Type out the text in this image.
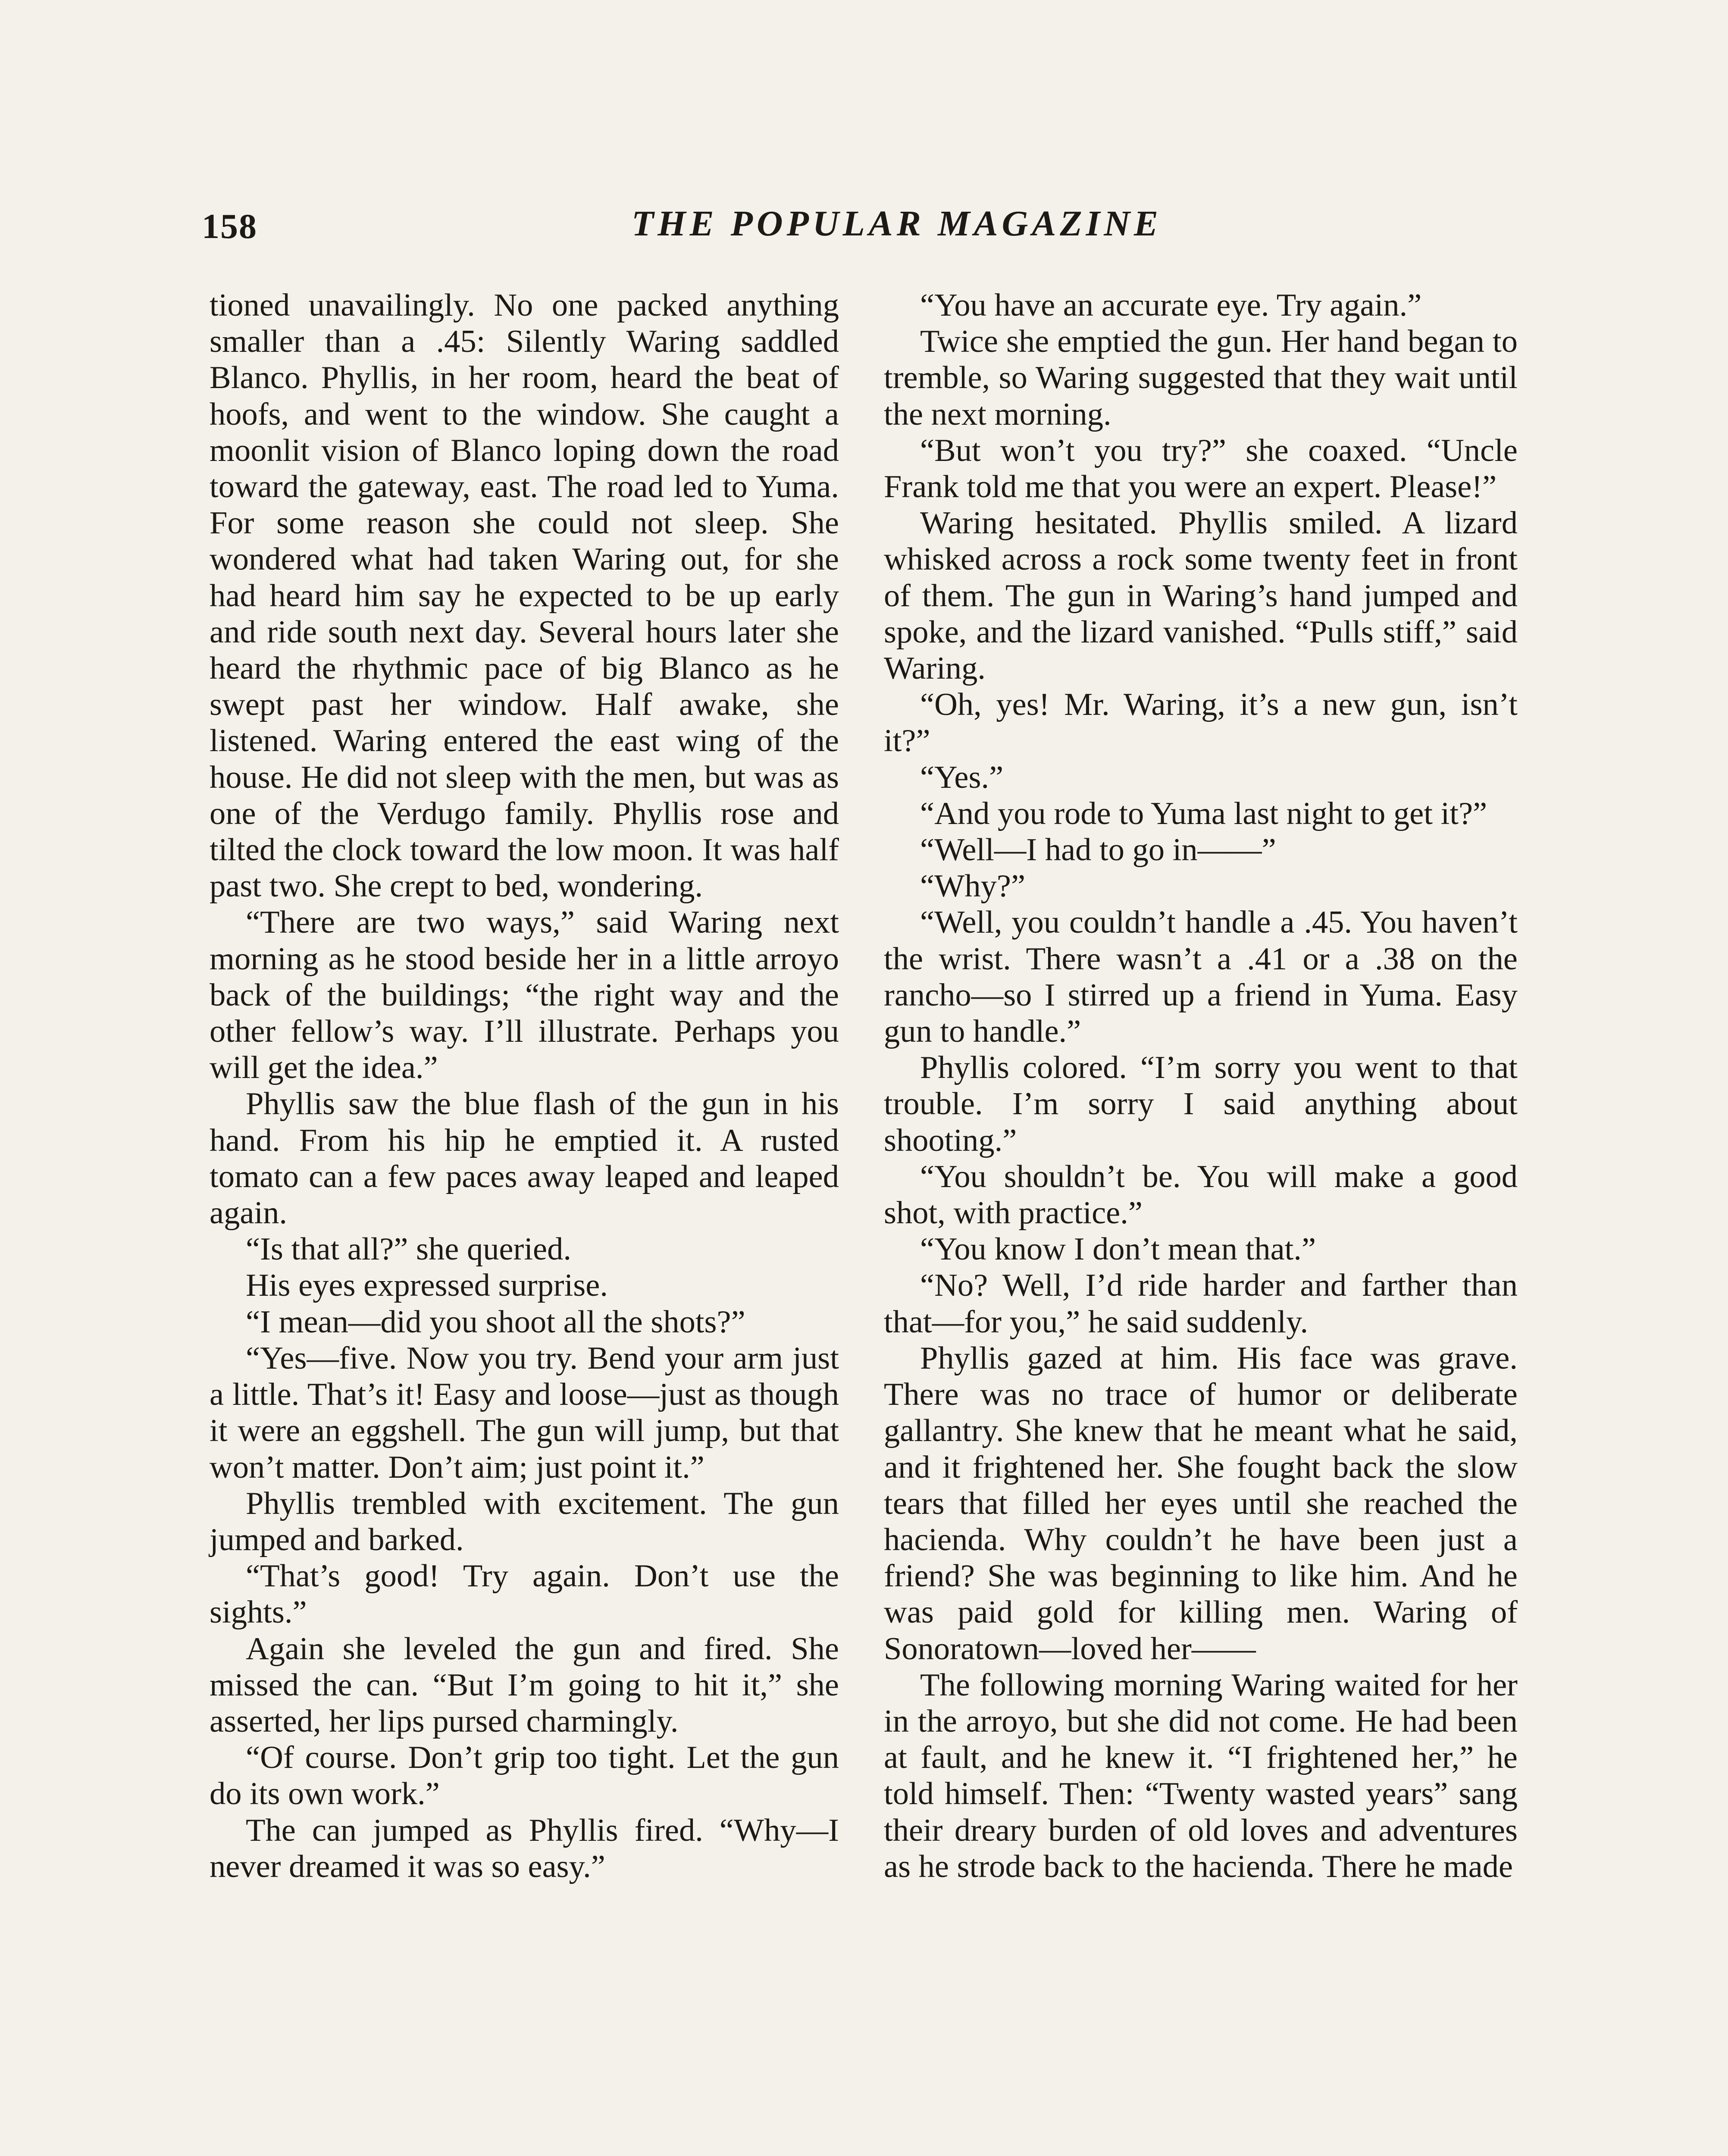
158	THE POPULAR MAGAZINE

tioned unavailingly. No one packed anything smaller than a .45: Silently Waring saddled Blanco. Phyllis, in her room, heard the beat of hoofs, and went to the window. She caught a moonlit vision of Blanco loping down the road toward the gateway, east. The road led to Yuma. For some reason she could not sleep. She wondered what had taken Waring out, for she had heard him say he expected to be up early and ride south next day. Several hours later she heard the rhythmic pace of big Blanco as he swept past her window. Half awake, she listened. Waring entered the east wing of the house. He did not sleep with the men, but was as one of the Verdugo family. Phyllis rose and tilted the clock toward the low moon. It was half past two. She crept to bed, wondering.

“There are two ways,” said Waring next morning as he stood beside her in a little arroyo back of the buildings; “the right way and the other fellow’s way. I’ll illustrate. Perhaps you will get the idea.”

Phyllis saw the blue flash of the gun in his hand. From his hip he emptied it. A rusted tomato can a few paces away leaped and leaped again.

“Is that all?” she queried.

His eyes expressed surprise.

“I mean—did you shoot all the shots?”

“Yes—five. Now you try. Bend your arm just a little. That’s it! Easy and loose—just as though it were an eggshell. The gun will jump, but that won’t matter. Don’t aim; just point it.”

Phyllis trembled with excitement. The gun jumped and barked.

“That’s good! Try again. Don’t use the sights.”

Again she leveled the gun and fired. She missed the can. “But I’m going to hit it,” she asserted, her lips pursed charmingly.

“Of course. Don’t grip too tight. Let the gun do its own work.”

The can jumped as Phyllis fired. “Why—I never dreamed it was so easy.”

“You have an accurate eye. Try again.”

Twice she emptied the gun. Her hand began to tremble, so Waring suggested that they wait until the next morning.

“But won’t you try?” she coaxed. “Uncle Frank told me that you were an expert. Please!”

Waring hesitated. Phyllis smiled. A lizard whisked across a rock some twenty feet in front of them. The gun in Waring’s hand jumped and spoke, and the lizard vanished. “Pulls stiff,” said Waring.

“Oh, yes! Mr. Waring, it’s a new gun, isn’t it?”

“Yes.”

“And you rode to Yuma last night to get it?”

“Well—I had to go in——”

“Why?”

“Well, you couldn’t handle a .45. You haven’t the wrist. There wasn’t a .41 or a .38 on the rancho—so I stirred up a friend in Yuma. Easy gun to handle.”

Phyllis colored. “I’m sorry you went to that trouble. I’m sorry I said anything about shooting.”

“You shouldn’t be. You will make a good shot, with practice.”

“You know I don’t mean that.”

“No? Well, I’d ride harder and farther than that—for you,” he said suddenly.

Phyllis gazed at him. His face was grave. There was no trace of humor or deliberate gallantry. She knew that he meant what he said, and it frightened her. She fought back the slow tears that filled her eyes until she reached the hacienda. Why couldn’t he have been just a friend? She was beginning to like him. And he was paid gold for killing men. Waring of Sonoratown—loved her——

The following morning Waring waited for her in the arroyo, but she did not come. He had been at fault, and he knew it. “I frightened her,” he told himself. Then: “Twenty wasted years” sang their dreary burden of old loves and adventures as he strode back to the hacienda. There he made
